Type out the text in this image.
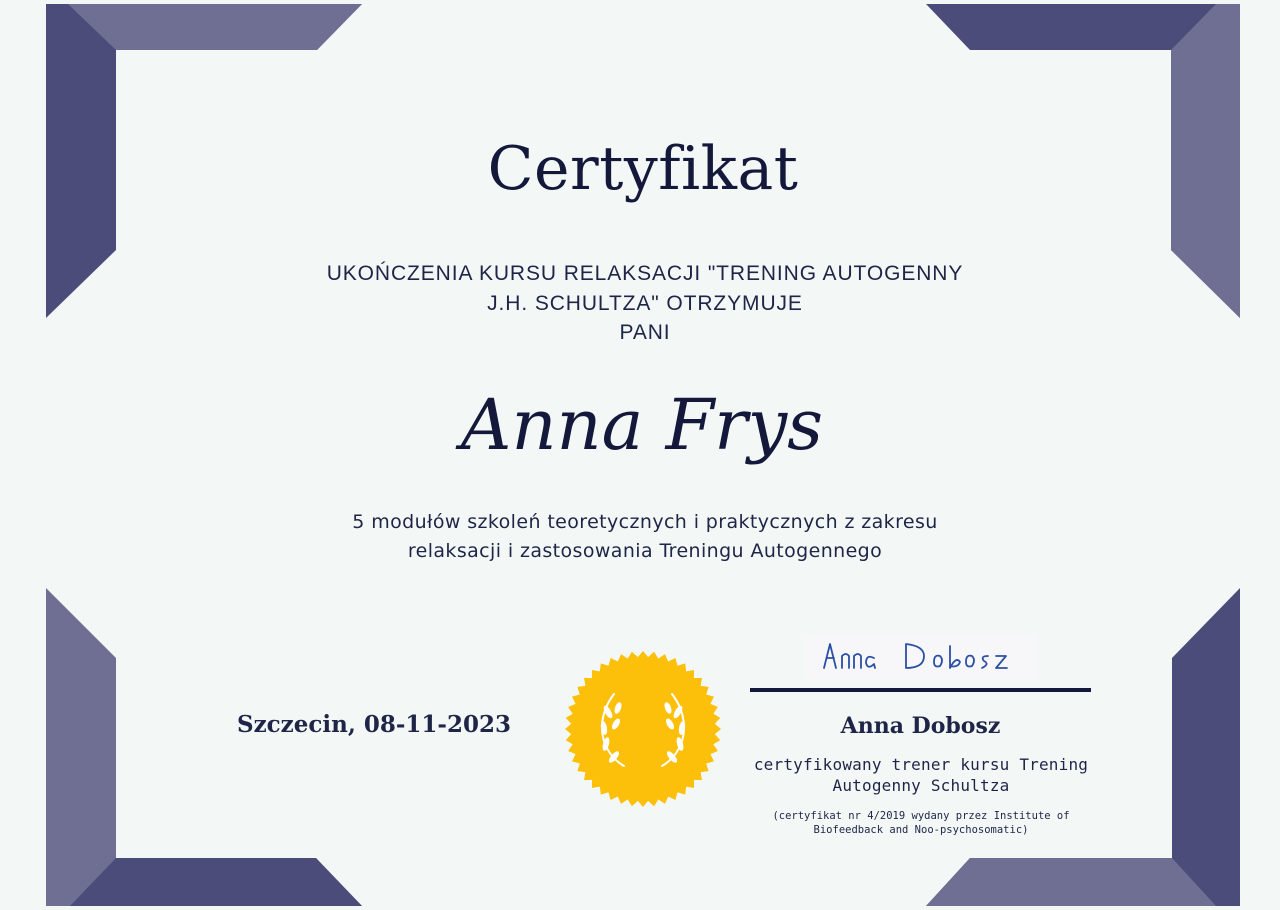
Certyfikat
UKOŃCZENIA KURSU RELAKSACJI "TRENING AUTOGENNY
J.H. SCHULTZA" OTRZYMUJE
PANI
Anna Frys
5 modułów szkoleń teoretycznych i praktycznych z zakresu
relaksacji i zastosowania Treningu Autogennego
Szczecin, 08-11-2023	Anna Dobosz
certyfikowany trener kursu Trening
Autogenny Schultza
(certyfikat nr 4/2019 wydany przez Institute of
Biofeedback and Noo-psychosomatic)
